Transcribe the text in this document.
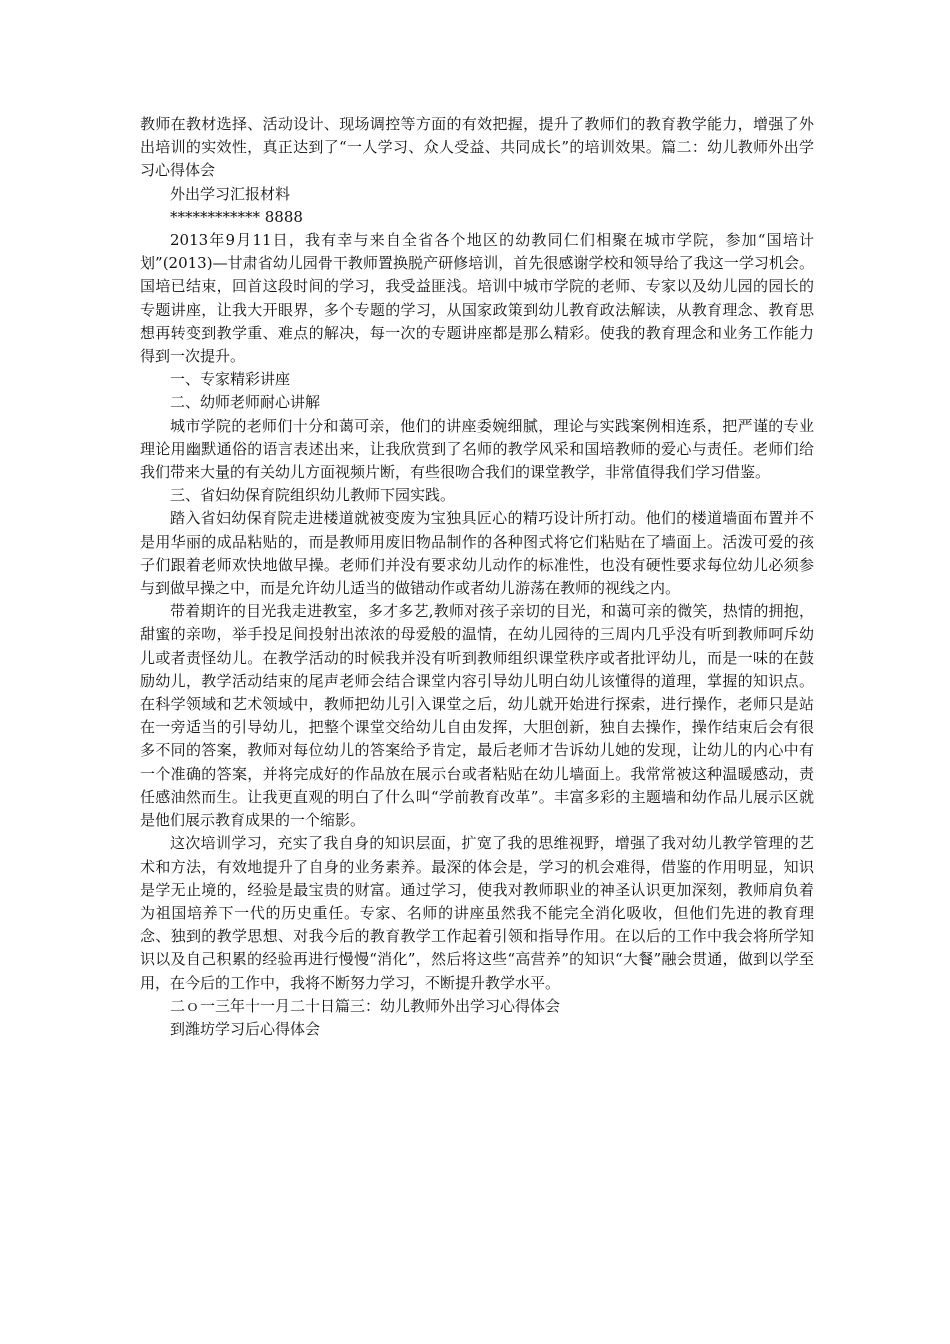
教师在教材选择、活动设计、现场调控等方面的有效把握，提升了教师们的教育教学能力，增强了外出培训的实效性，真正达到了“一人学习、众人受益、共同成长”的培训效果。篇二：幼儿教师外出学习心得体会

外出学习汇报材料

************ 8888

2013年9月11日，我有幸与来自全省各个地区的幼教同仁们相聚在城市学院，参加“国培计划”(2013)—甘肃省幼儿园骨干教师置换脱产研修培训，首先很感谢学校和领导给了我这一学习机会。国培已结束，回首这段时间的学习，我受益匪浅。培训中城市学院的老师、专家以及幼儿园的园长的专题讲座，让我大开眼界，多个专题的学习，从国家政策到幼儿教育政法解读，从教育理念、教育思想再转变到教学重、难点的解决，每一次的专题讲座都是那么精彩。使我的教育理念和业务工作能力得到一次提升。

一、专家精彩讲座

二、幼师老师耐心讲解

城市学院的老师们十分和蔼可亲，他们的讲座委婉细腻，理论与实践案例相连系，把严谨的专业理论用幽默通俗的语言表述出来，让我欣赏到了名师的教学风采和国培教师的爱心与责任。老师们给我们带来大量的有关幼儿方面视频片断，有些很吻合我们的课堂教学，非常值得我们学习借鉴。

三、省妇幼保育院组织幼儿教师下园实践。

踏入省妇幼保育院走进楼道就被变废为宝独具匠心的精巧设计所打动。他们的楼道墙面布置并不是用华丽的成品粘贴的，而是教师用废旧物品制作的各种图式将它们粘贴在了墙面上。活泼可爱的孩子们跟着老师欢快地做早操。老师们并没有要求幼儿动作的标准性，也没有硬性要求每位幼儿必须参与到做早操之中，而是允许幼儿适当的做错动作或者幼儿游荡在教师的视线之内。

带着期许的目光我走进教室，多才多艺,教师对孩子亲切的目光，和蔼可亲的微笑，热情的拥抱，甜蜜的亲吻，举手投足间投射出浓浓的母爱般的温情，在幼儿园待的三周内几乎没有听到教师呵斥幼儿或者责怪幼儿。在教学活动的时候我并没有听到教师组织课堂秩序或者批评幼儿，而是一味的在鼓励幼儿，教学活动结束的尾声老师会结合课堂内容引导幼儿明白幼儿该懂得的道理，掌握的知识点。在科学领域和艺术领域中，教师把幼儿引入课堂之后，幼儿就开始进行探索，进行操作，老师只是站在一旁适当的引导幼儿，把整个课堂交给幼儿自由发挥，大胆创新，独自去操作，操作结束后会有很多不同的答案，教师对每位幼儿的答案给予肯定，最后老师才告诉幼儿她的发现，让幼儿的内心中有一个准确的答案，并将完成好的作品放在展示台或者粘贴在幼儿墙面上。我常常被这种温暖感动，责任感油然而生。让我更直观的明白了什么叫“学前教育改革”。丰富多彩的主题墙和幼作品儿展示区就是他们展示教育成果的一个缩影。

这次培训学习，充实了我自身的知识层面，扩宽了我的思维视野，增强了我对幼儿教学管理的艺术和方法，有效地提升了自身的业务素养。最深的体会是，学习的机会难得，借鉴的作用明显，知识是学无止境的，经验是最宝贵的财富。通过学习，使我对教师职业的神圣认识更加深刻，教师肩负着为祖国培养下一代的历史重任。专家、名师的讲座虽然我不能完全消化吸收，但他们先进的教育理念、独到的教学思想、对我今后的教育教学工作起着引领和指导作用。在以后的工作中我会将所学知识以及自己积累的经验再进行慢慢“消化”，然后将这些“高营养”的知识“大餐”融会贯通，做到以学至用，在今后的工作中，我将不断努力学习，不断提升教学水平。

二ｏ一三年十一月二十日篇三：幼儿教师外出学习心得体会

到潍坊学习后心得体会
